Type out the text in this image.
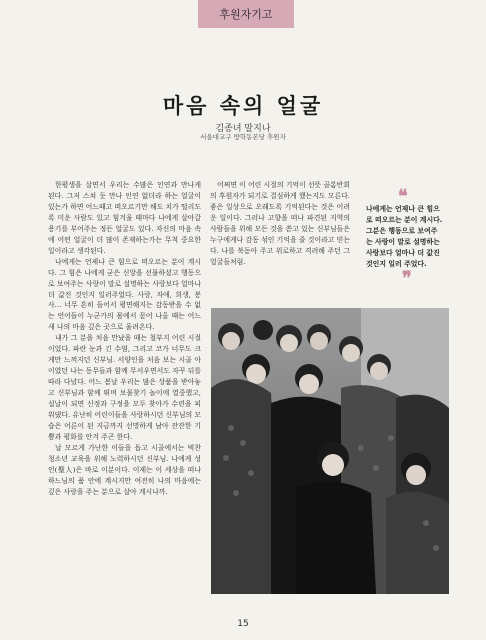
후원자기고
마음 속의 얼굴
김종녀 말지나
서울대교구 방학동본당 후원자

한평생을 살면서 우리는 수많은 인연과 만나게 된다. 그저 스쳐 듯 만나 인연 없더라 하는 얼굴이 있는가 하면 어느때고 떠오르기만 해도 치가 떨리도록 미운 사람도 있고 힘겨울 때마다 나에게 살아갈 용기를 부어주는 정든 얼굴도 있다. 자신의 마음 속에 어떤 얼굴이 더 많이 존재하는가는 무척 중요한 일이라고 생각된다.

나에게는 언제나 큰 힘으로 떠오르는 분이 계시다. 그 힘은 나에게 굳은 신앙을 선물하셨고 행동으로 보여주는 사랑이 말로 설명하는 사랑보다 얼마나 더 값진 것인지 일러주었다. 사랑, 자애, 희생, 봉사… 너무 흔히 들어서 평면해지는 감동받을 수 없는 언어들이 누군가의 몸에서 묻어 나올 때는 어느새 나의 마음 깊은 곳으로 울려온다.

내가 그 분을 처음 만났을 때는 철부지 어린 시절이었다. 파란 눈과 긴 수염, 그리고 코가 너무도 크게만 느껴지던 신부님. 서양인을 처음 보는 시골 아이였던 나는 동무들과 함께 무서우면서도 자꾸 뒤를 따라 다녔다. 어느 봄날 우리는 많은 상품을 받아놓고 신부님과 함께 뛰며 보물찾기 놀이에 열중했고, 설날이 되면 신정과 구정을 모두 찾아가 수련을 피워댔다. 유난히 어린이들을 사랑하시던 신부님의 모습은 어른이 된 지금까지 선명하게 남아 잔잔한 기쁨과 평화를 안겨 주곤 한다.

날 모르게 가난한 이들을 돕고 시골에서는 벅찬 청소년 교육을 위해 노력하시던 신부님. 나에게 성인(聖人)은 바로 이분이다. 이제는 이 세상을 떠나 하느님의 품 안에 계시지만 여전히 나의 마음에는 깊은 사랑을 주는 분으로 살아 계시나까.

어쩌면 이 어린 시절의 기억이 선뜻 골롬반회의 후원자가 되기로 결심하게 했는지도 모른다. 좋은 일상으로 오래도록 기억된다는 것은 어려운 일이다. 그러나 고향을 떠나 파견된 지역의 사람들을 위해 모든 것을 쏟고 있는 신부님들은 누구에게나 감동 섞인 기억을 줄 것이라고 믿는다. 나를 북돋아 주고 위로하고 격려해 주던 그 얼굴들처럼.

❝
나에게는 언제나 큰 힘으로 떠오르는 분이 계시다. 그분은 행동으로 보여주는 사랑이 말로 설명하는 사랑보다 얼마나 더 값진 것인지 일러 주었다.
❞
15
